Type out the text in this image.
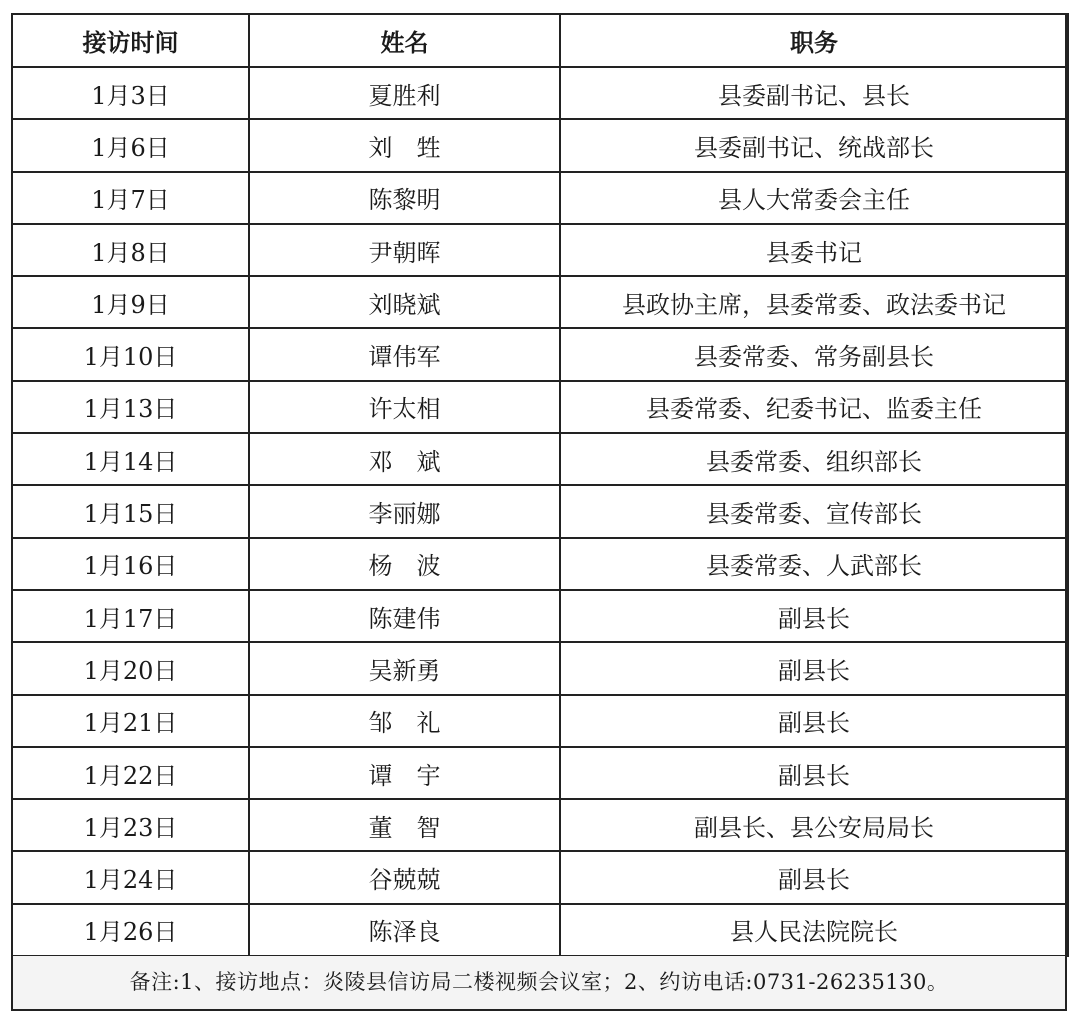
接访时间	姓名	职务
1月3日	夏胜利	县委副书记、县长
1月6日	刘　甡	县委副书记、统战部长
1月7日	陈黎明	县人大常委会主任
1月8日	尹朝晖	县委书记
1月9日	刘晓斌	县政协主席，县委常委、政法委书记
1月10日	谭伟军	县委常委、常务副县长
1月13日	许太相	县委常委、纪委书记、监委主任
1月14日	邓　斌	县委常委、组织部长
1月15日	李丽娜	县委常委、宣传部长
1月16日	杨　波	县委常委、人武部长
1月17日	陈建伟	副县长
1月20日	吴新勇	副县长
1月21日	邹　礼	副县长
1月22日	谭　宇	副县长
1月23日	董　智	副县长、县公安局局长
1月24日	谷兢兢	副县长
1月26日	陈泽良	县人民法院院长
备注:1、接访地点：炎陵县信访局二楼视频会议室；2、约访电话:0731-26235130。
